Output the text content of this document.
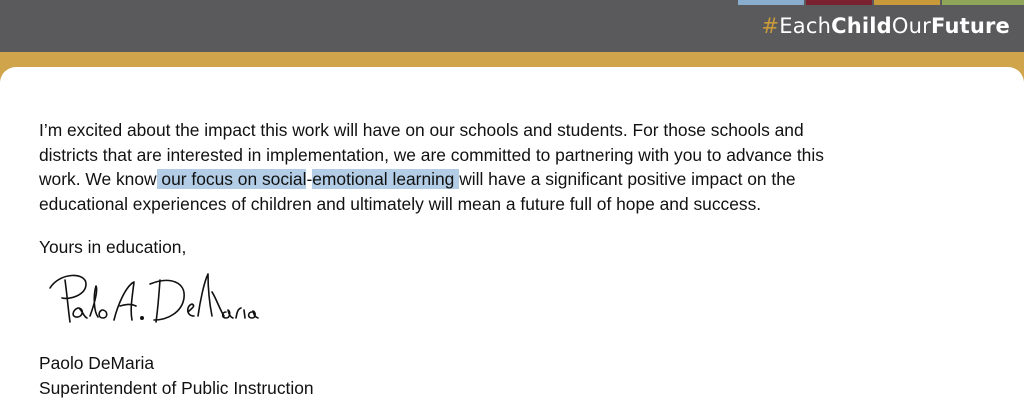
#EachChildOurFuture

I’m excited about the impact this work will have on our schools and students. For those schools and
districts that are interested in implementation, we are committed to partnering with you to advance this
work. We know our focus on social-emotional learning will have a significant positive impact on the
educational experiences of children and ultimately will mean a future full of hope and success.

Yours in education,

Paolo DeMaria
Superintendent of Public Instruction
